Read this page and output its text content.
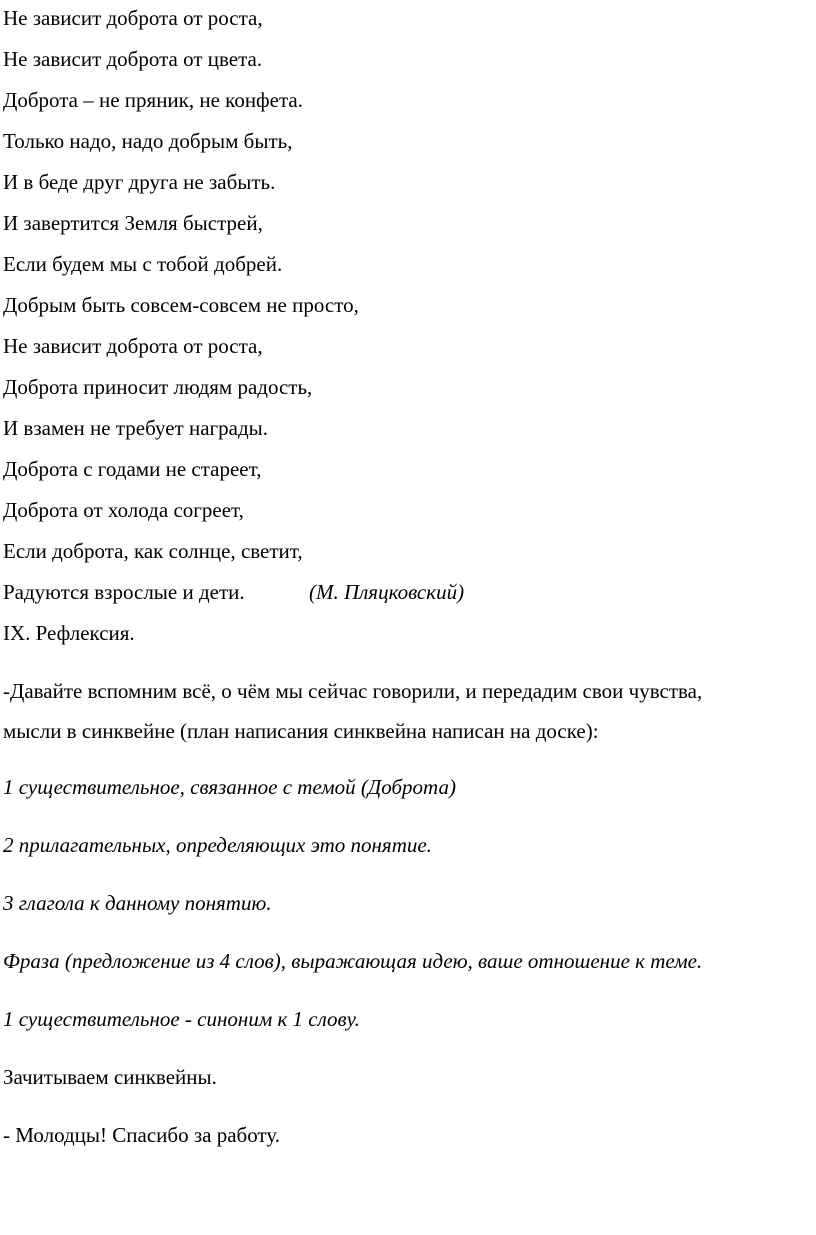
Не зависит доброта от роста,
Не зависит доброта от цвета.
Доброта – не пряник, не конфета.
Только надо, надо добрым быть,
И в беде друг друга не забыть.
И завертится Земля быстрей,
Если будем мы с тобой добрей.
Добрым быть совсем-совсем не просто,
Не зависит доброта от роста,
Доброта приносит людям радость,
И взамен не требует награды.
Доброта с годами не стареет,
Доброта от холода согреет,
Если доброта, как солнце, светит,
Радуются взрослые и дети.	(М. Пляцковский)
IX. Рефлексия.
-Давайте вспомним всё, о чём мы сейчас говорили, и передадим свои чувства,
мысли в синквейне (план написания синквейна написан на доске):
1 существительное, связанное с темой (Доброта)
2 прилагательных, определяющих это понятие.
3 глагола к данному понятию.
Фраза (предложение из 4 слов), выражающая идею, ваше отношение к теме.
1 существительное - синоним к 1 слову.
Зачитываем синквейны.
- Молодцы! Спасибо за работу.
